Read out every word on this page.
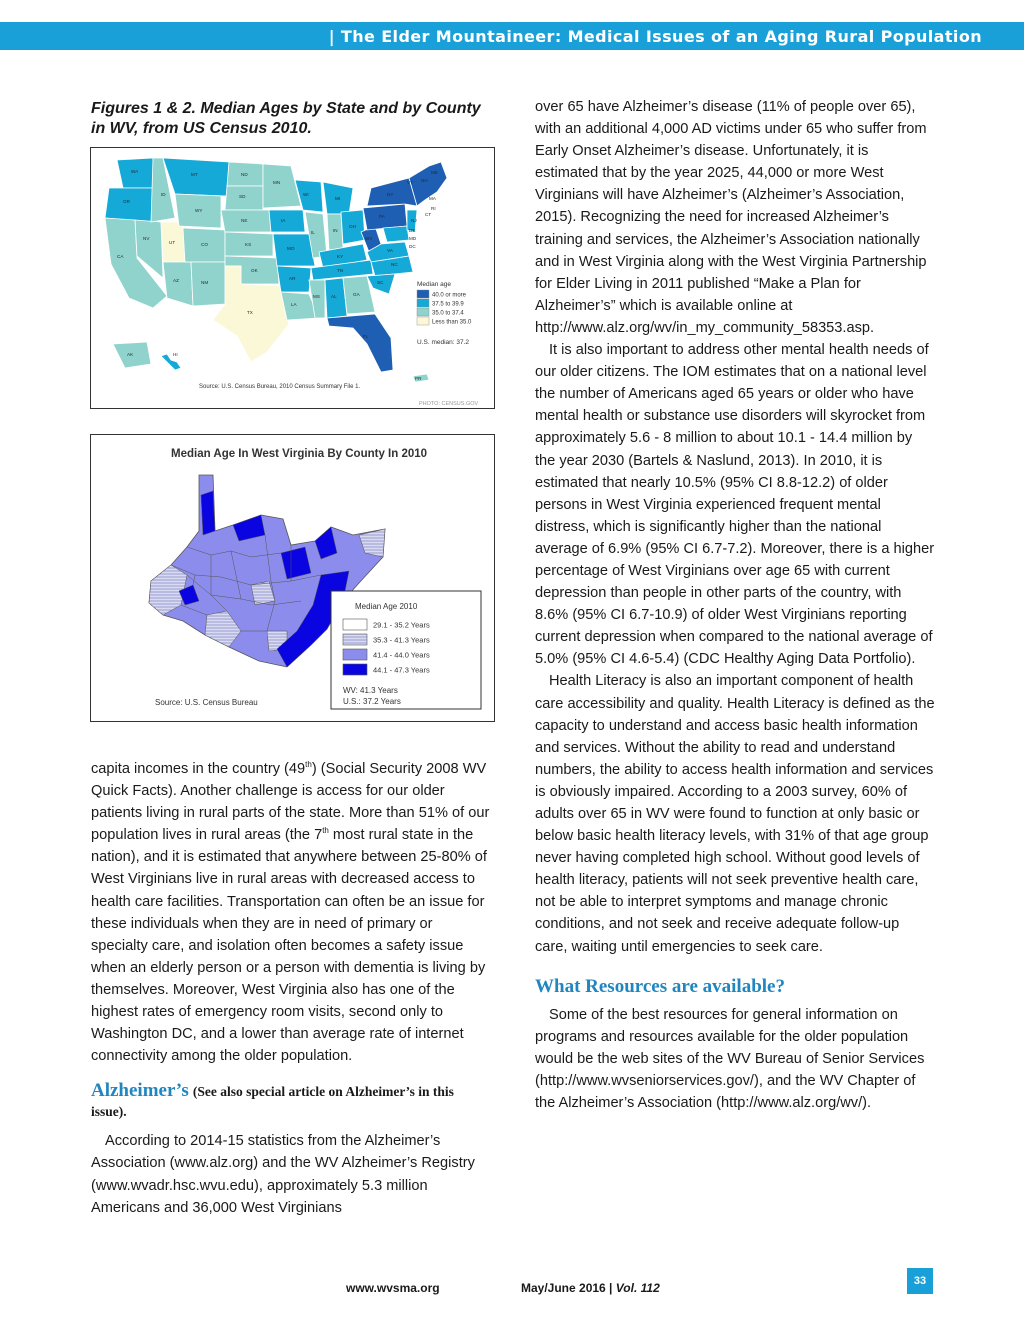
| The Elder Mountaineer: Medical Issues of an Aging Rural Population
Figures 1 & 2. Median Ages by State and by County in WV, from US Census 2010.
WA
MT	ND
MN
OR
ID	SD
WY
NE	IA
NV
UT	CO	KS
MO
CA
AZ	NM
OK
AR
TX
LA
MS AL	GA
FL
TN
KY
IL	IN
OH
MI
WI
PA
NY
VT NH
ME
MA
RI
CT
NJ
DE
MD
DC
WV
VA
NC
SC
AK	HI
PR
Median age
40.0 or more
37.5 to 39.9
35.0 to 37.4
Less than 35.0
U.S. median: 37.2
Source: U.S. Census Bureau, 2010 Census Summary File 1.
PHOTO: CENSUS.GOV
Median Age In West Virginia By County In 2010
Median Age 2010
29.1 - 35.2 Years
35.3 - 41.3 Years
41.4 - 44.0 Years
44.1 - 47.3 Years
WV: 41.3 Years
U.S.: 37.2 Years
Source: U.S. Census Bureau

capita incomes in the country (49th) (Social Security 2008 WV Quick Facts). Another challenge is access for our older patients living in rural parts of the state. More than 51% of our population lives in rural areas (the 7th most rural state in the nation), and it is estimated that anywhere between 25-80% of West Virginians live in rural areas with decreased access to health care facilities. Transportation can often be an issue for these individuals when they are in need of primary or specialty care, and isolation often becomes a safety issue when an elderly person or a person with dementia is living by themselves. Moreover, West Virginia also has one of the highest rates of emergency room visits, second only to Washington DC, and a lower than average rate of internet connectivity among the older population.

Alzheimer’s (See also special article on Alzheimer’s in this issue).

According to 2014-15 statistics from the Alzheimer’s Association (www.alz.org) and the WV Alzheimer’s Registry (www.wvadr.hsc.wvu.edu), approximately 5.3 million Americans and 36,000 West Virginians

over 65 have Alzheimer’s disease (11% of people over 65), with an additional 4,000 AD victims under 65 who suffer from Early Onset Alzheimer’s disease. Unfortunately, it is estimated that by the year 2025, 44,000 or more West Virginians will have Alzheimer’s (Alzheimer’s Association, 2015). Recognizing the need for increased Alzheimer’s training and services, the Alzheimer’s Association nationally and in West Virginia along with the West Virginia Partnership for Elder Living in 2011 published “Make a Plan for Alzheimer’s” which is available online at http://www.alz.org/wv/in_my_community_58353.asp.

It is also important to address other mental health needs of our older citizens. The IOM estimates that on a national level the number of Americans aged 65 years or older who have mental health or substance use disorders will skyrocket from approximately 5.6 - 8 million to about 10.1 - 14.4 million by the year 2030 (Bartels & Naslund, 2013). In 2010, it is estimated that nearly 10.5% (95% CI 8.8-12.2) of older persons in West Virginia experienced frequent mental distress, which is significantly higher than the national average of 6.9% (95% CI 6.7-7.2). Moreover, there is a higher percentage of West Virginians over age 65 with current depression than people in other parts of the country, with 8.6% (95% CI 6.7-10.9) of older West Virginians reporting current depression when compared to the national average of 5.0% (95% CI 4.6-5.4) (CDC Healthy Aging Data Portfolio).

Health Literacy is also an important component of health care accessibility and quality. Health Literacy is defined as the capacity to understand and access basic health information and services. Without the ability to read and understand numbers, the ability to access health information and services is obviously impaired. According to a 2003 survey, 60% of adults over 65 in WV were found to function at only basic or below basic health literacy levels, with 31% of that age group never having completed high school. Without good levels of health literacy, patients will not seek preventive health care, not be able to interpret symptoms and manage chronic conditions, and not seek and receive adequate follow-up care, waiting until emergencies to seek care.

What Resources are available?

Some of the best resources for general information on programs and resources available for the older population would be the web sites of the WV Bureau of Senior Services (http://www.wvseniorservices.gov/), and the WV Chapter of the Alzheimer’s Association (http://www.alz.org/wv/).

www.wvsma.org	May/June 2016 | Vol. 112	33
